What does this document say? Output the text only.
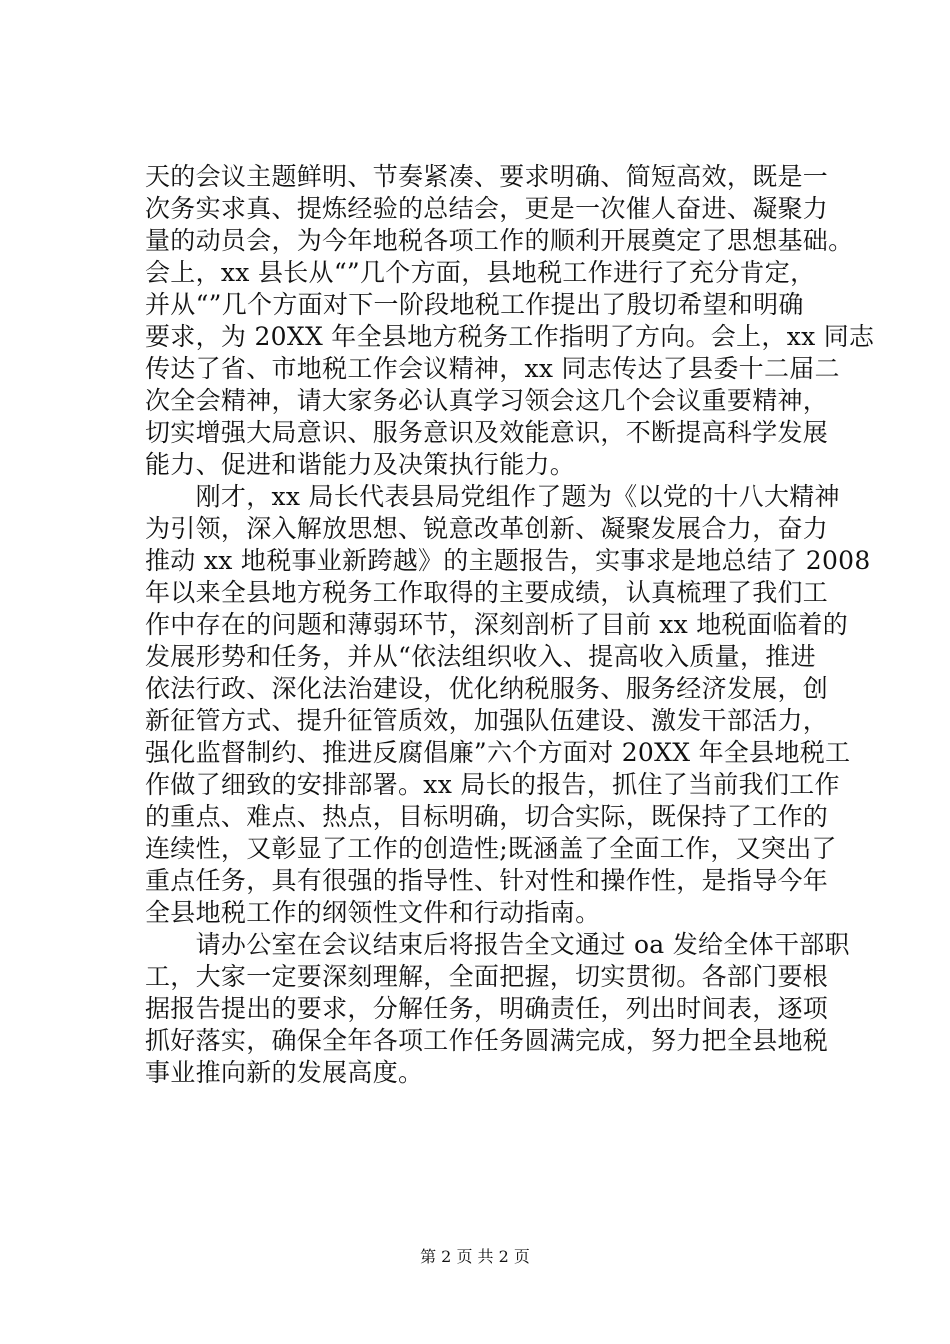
天的会议主题鲜明、节奏紧凑、要求明确、简短高效，既是一
次务实求真、提炼经验的总结会，更是一次催人奋进、凝聚力
量的动员会，为今年地税各项工作的顺利开展奠定了思想基础。
会上，xx 县长从“”几个方面，县地税工作进行了充分肯定，
并从“”几个方面对下一阶段地税工作提出了殷切希望和明确
要求，为 20XX 年全县地方税务工作指明了方向。会上，xx 同志
传达了省、市地税工作会议精神，xx 同志传达了县委十二届二
次全会精神，请大家务必认真学习领会这几个会议重要精神，
切实增强大局意识、服务意识及效能意识，不断提高科学发展
能力、促进和谐能力及决策执行能力。
　　刚才，xx 局长代表县局党组作了题为《以党的十八大精神
为引领，深入解放思想、锐意改革创新、凝聚发展合力，奋力
推动 xx 地税事业新跨越》的主题报告，实事求是地总结了 2008
年以来全县地方税务工作取得的主要成绩，认真梳理了我们工
作中存在的问题和薄弱环节，深刻剖析了目前 xx 地税面临着的
发展形势和任务，并从“依法组织收入、提高收入质量，推进
依法行政、深化法治建设，优化纳税服务、服务经济发展，创
新征管方式、提升征管质效，加强队伍建设、激发干部活力，
强化监督制约、推进反腐倡廉”六个方面对 20XX 年全县地税工
作做了细致的安排部署。xx 局长的报告，抓住了当前我们工作
的重点、难点、热点，目标明确，切合实际，既保持了工作的
连续性，又彰显了工作的创造性;既涵盖了全面工作，又突出了
重点任务，具有很强的指导性、针对性和操作性，是指导今年
全县地税工作的纲领性文件和行动指南。
　　请办公室在会议结束后将报告全文通过 oa 发给全体干部职
工，大家一定要深刻理解，全面把握，切实贯彻。各部门要根
据报告提出的要求，分解任务，明确责任，列出时间表，逐项
抓好落实，确保全年各项工作任务圆满完成，努力把全县地税
事业推向新的发展高度。
第 2 页 共 2 页
